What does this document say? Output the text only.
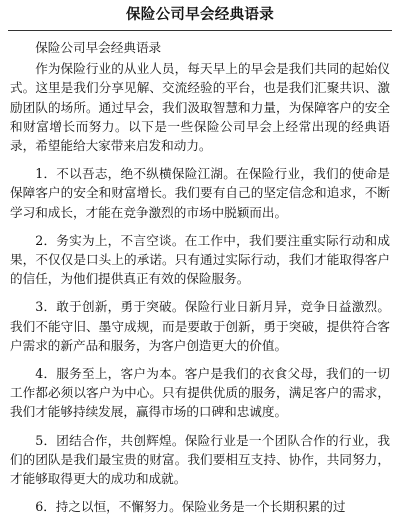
保险公司早会经典语录

保险公司早会经典语录

作为保险行业的从业人员，每天早上的早会是我们共同的起始仪式。这里是我们分享见解、交流经验的平台，也是我们汇聚共识、激励团队的场所。通过早会，我们汲取智慧和力量，为保障客户的安全和财富增长而努力。以下是一些保险公司早会上经常出现的经典语录，希望能给大家带来启发和动力。

1．不以吾志，绝不纵横保险江湖。在保险行业，我们的使命是保障客户的安全和财富增长。我们要有自己的坚定信念和追求，不断学习和成长，才能在竞争激烈的市场中脱颖而出。

2．务实为上，不言空谈。在工作中，我们要注重实际行动和成果，不仅仅是口头上的承诺。只有通过实际行动，我们才能取得客户的信任，为他们提供真正有效的保险服务。

3．敢于创新，勇于突破。保险行业日新月异，竞争日益激烈。我们不能守旧、墨守成规，而是要敢于创新，勇于突破，提供符合客户需求的新产品和服务，为客户创造更大的价值。

4．服务至上，客户为本。客户是我们的衣食父母，我们的一切工作都必须以客户为中心。只有提供优质的服务，满足客户的需求，我们才能够持续发展，赢得市场的口碑和忠诚度。

5．团结合作，共创辉煌。保险行业是一个团队合作的行业，我们的团队是我们最宝贵的财富。我们要相互支持、协作，共同努力，才能够取得更大的成功和成就。

6．持之以恒，不懈努力。保险业务是一个长期积累的过
